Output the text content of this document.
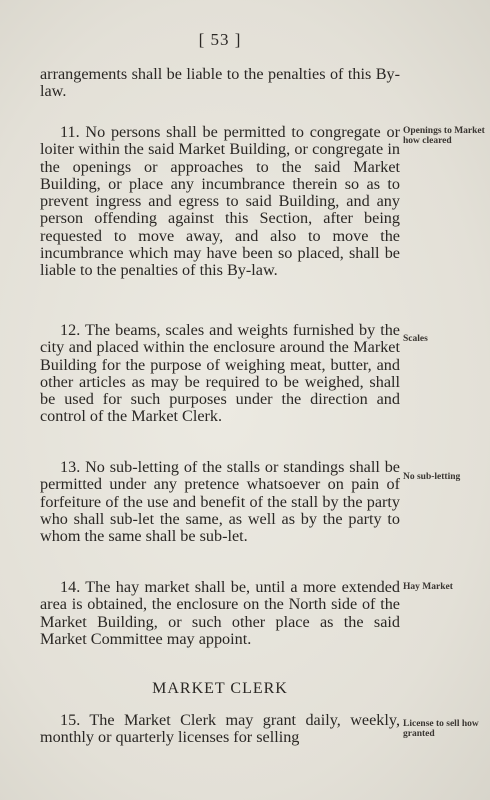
[ 53 ]

arrangements shall be liable to the penalties of this By-law.

11. No persons shall be permitted to congregate or loiter within the said Market Building, or congregate in the openings or approaches to the said Market Building, or place any incumbrance therein so as to prevent ingress and egress to said Building, and any person offending against this Section, after being requested to move away, and also to move the incumbrance which may have been so placed, shall be liable to the penalties of this By-law.

Openings to Market how cleared

12. The beams, scales and weights furnished by the city and placed within the enclosure around the Market Building for the purpose of weighing meat, butter, and other articles as may be required to be weighed, shall be used for such purposes under the direction and control of the Market Clerk.

Scales

13. No sub-letting of the stalls or standings shall be permitted under any pretence whatsoever on pain of forfeiture of the use and benefit of the stall by the party who shall sub-let the same, as well as by the party to whom the same shall be sub-let.

No sub-letting

14. The hay market shall be, until a more extended area is obtained, the enclosure on the North side of the Market Building, or such other place as the said Market Committee may appoint.

Hay Market
MARKET CLERK

15. The Market Clerk may grant daily, weekly, monthly or quarterly licenses for selling

License to sell how granted
